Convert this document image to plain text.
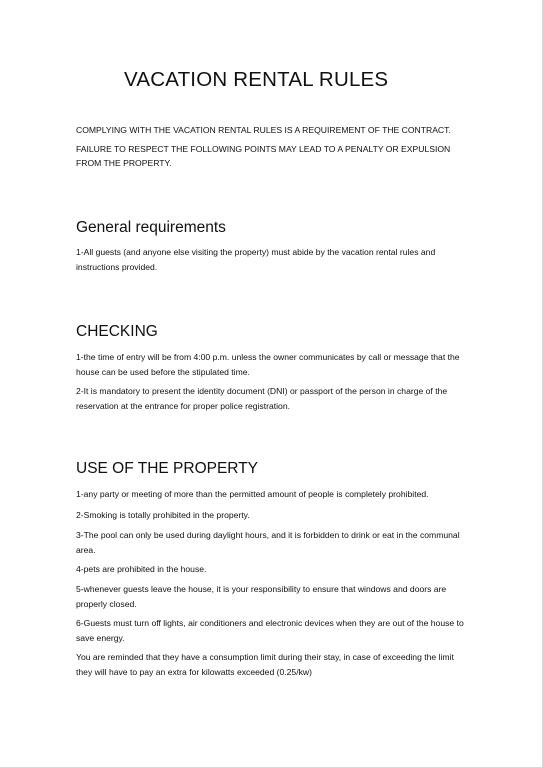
VACATION RENTAL RULES

COMPLYING WITH THE VACATION RENTAL RULES IS A REQUIREMENT OF THE CONTRACT.

FAILURE TO RESPECT THE FOLLOWING POINTS MAY LEAD TO A PENALTY OR EXPULSION FROM THE PROPERTY.

General requirements

1-All guests (and anyone else visiting the property) must abide by the vacation rental rules and instructions provided.

CHECKING

1-the time of entry will be from 4:00 p.m. unless the owner communicates by call or message that the house can be used before the stipulated time.

2-It is mandatory to present the identity document (DNI) or passport of the person in charge of the reservation at the entrance for proper police registration.

USE OF THE PROPERTY

1-any party or meeting of more than the permitted amount of people is completely prohibited.

2-Smoking is totally prohibited in the property.

3-The pool can only be used during daylight hours, and it is forbidden to drink or eat in the communal area.

4-pets are prohibited in the house.

5-whenever guests leave the house, it is your responsibility to ensure that windows and doors are properly closed.

6-Guests must turn off lights, air conditioners and electronic devices when they are out of the house to save energy.

You are reminded that they have a consumption limit during their stay, in case of exceeding the limit they will have to pay an extra for kilowatts exceeded (0.25/kw)
